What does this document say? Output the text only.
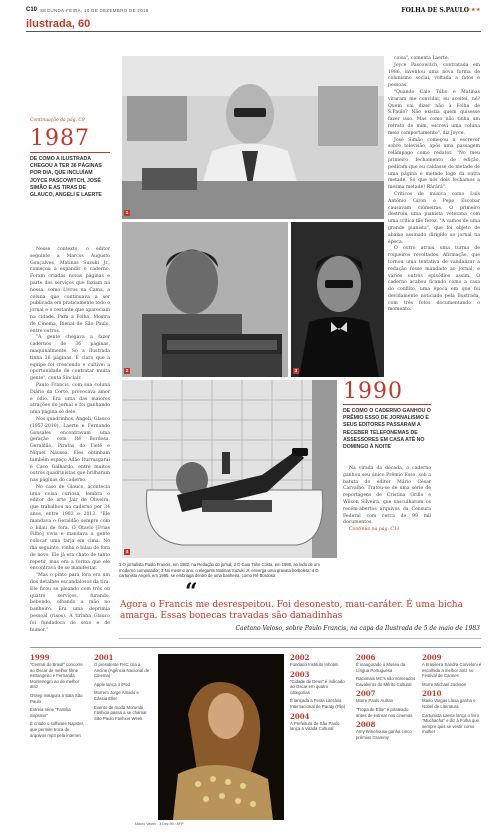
C10 SEGUNDA-FEIRA, 10 DE DEZEMBRO DE 2018	FOLHA DE S.PAULO
★★★
ilustrada, 60
Continuação da pág. C9
1987
DE COMO A ILUSTRADA CHEGOU A TER 36 PÁGINAS POR DIA, QUE INCLUÍAM JOYCE PASCOWITCH, JOSÉ SIMÃO E AS TIRAS DE GLAUCO, ANGELI E LAERTE

Nesse contexto, o editor seguinte a Marcos Augusto Gonçalves, Matinas Suzuki Jr., começou a expandir o caderno. Foram criadas novas páginas e parte dos serviços que faziam na nossa, como Livros na Cama, a coluna que continuava a ser publicada em praticamente todo o jornal e o restante que apareciam na cidade. Para a Folha, Mostra de Cinema, Bienal de São Paulo, entre outros.

"A gente chegava a fazer cadernos de 36 páginas, maquinalmente. Só a Ilustrada tinha 36 páginas. É claro que a equipe foi crescendo e cultivei a oportunidade de contratar muita gente", conta Sinclair.

Paulo Francis, com sua coluna Diário da Corte, provocava amor e ódio. Era uma das maiores atrações do jornal e foi ganhando uma página só dele.

Nos quadrinhos, Angeli, Glauco (1957-2010), Laerte e Fernando Gonsales encontravam uma geração com Rê Bordosa, Geraldão, Piratas do Tietê e Níquel Náusea. Eles obtinham também espaço Adão Iturrusgarai e Caco Galhardo, entre muitos outros quadrinistas que brilharam nas páginas do caderno.

No caso de Glauco, acontecia uma coisa curiosa, lembra o editor de arte Jair de Oliveira, que trabalhou no caderno por 34 anos, entre 1983 e 2013. "Ele mandava o Geraldão sempre com o bilau de fora. O Otavio [Frias Filho] vivia e mandava a gente colocar uma tarja em cima. No dia seguinte, vinha o bilau de fora de novo. Ele já era chato de tanto repetir, mas era a forma que ele encontrava de se manifestar.

"Mas o pinto para fora era um dos detalhes escandalosos da tira. Ele ficou se pleando com três ou quatro serviços, furando, bebendo, olhando a mão no banheiro. Era uma deprimia pessoal (risos). A tirinha Glauco foi fundadora de sexo e de humor."

1
2	3
4

coisa", comenta Laerte.

Joyce Pascowitch, contratada em 1986, inventou uma nova forma de colunismo social, voltada a fatos e pessoas.

"Quando Caio Túlio e Matinas viraram me convidar, eu aceitei, né? Quem vai dizer não à Folha de S.Paulo? Não existia quem quisesse fazer isso. Mas como não tinha um retrato de mim, escrevi uma coluna meio comportamento", diz Joyce.

José Simão começou a escrever sobre televisão, após uma passagem relâmpago como redator. "No meu primeiro fechamento de edição, pediram que eu caldasse de metade de uma página e metade logo da outra metade. Só que nós dois fechamos a mesma metade! Rárárá".

Críticos de música como Luís Antônio Giron e Pepe Escobar causavam ciúmeiras. O primeiro destruiu uma pianista veterana com uma crítica tão feroz. "A vamos de uma grande pianista", que foi objeto de abaixo assinado dirigido ao jornal na época.

O outro atraiu uma turma de roqueiros revoltados. Afirmação, que tornou uma tentativa de vandalizar a redação fosse mandado ao jornal, e vários outros episódios assim. O caderno acabou ficando como a casa do conflito, uma época em que foi devidamente noticiado pela Ilustrada, com três fotos documentando o momento.

1990
DE COMO O CADERNO GANHOU O PRÊMIO ESSO DE JORNALISMO E SEUS EDITORES PASSARAM A RECEBER TELEFONEMAS DE ASSESSORES EM CASA ATÉ NO DOMINGO À NOITE

Na virada da década, o caderno ganhou seu único Prêmio Esso, sob a batuta do editor Mário César Carvalho. Tratou-se de uma série de reportagens de Cristina Grillo e Wilson Silveira, que vasculharam os recém-abertos arquivos da Censura Federal com cerca de 99 mil documentos.

Continua na pág. C11

1 O jornalista Paulo Francis, em 1982, na Redação do jornal; 2 O Caio Túlio Costa, em 1986, ao lado de um moderno computador; 3 No mesmo ano, o elegante Matinas Suzuki Jr. enverga uma gravata borboleta; 4 O cartunista Angeli, em 1985, se embriaga dentro de uma banheira, como Rê Bordosa
“
Agora o Francis me desrespeitou. Foi desonesto, mau-caráter. É uma bicha amarga. Essas bonecas travadas são danadinhas
Caetano Veloso, sobre Paulo Francis, na capa da Ilustrada de 5 de maio de 1983
1999

"Central do Brasil" concorre ao Oscar de melhor filme estrangeiro e Fernanda Montenegro ao de melhor atriz

Ossep inaugura a Sala São Paulo

Estreia série "Família Soprano"

É criado o software Napster, que permite troca de arquivos mp3 pela internet

2001

O presidente FHC cria a Ancine (Agência Nacional de Cinema)

Apple lança o iPod

Morrem Jorge Amado e Cássia Eller

Evento de moda Morumbi Fashion passa a se chamar São Paulo Fashion Week

Mauro Vavrin - 3.Dez.99 / AFP
2002

Fundado Instituto Inhotim

2003

"Cidade de Deus" é indicado ao Oscar em quatro categorias

É lançada a Festa Literária Internacional de Paraty (Flip)

2004

A Prefeitura de São Paulo lança a Virada Cultural

2006

É inaugurado o Museu da Língua Portuguesa

Racionais MC's são nomeados Cavaleiros do Mérito Cultural

2007

Morre Paulo Autran

"Tropa de Elite" é pirateado antes de estrear nos cinemas

2008

Amy Winehouse ganha cinco prêmios Grammy

2009

A brasileira Sandra Corveloni é escolhida a melhor atriz no Festival de Cannes

Morre Michael Jackson

2010

Mario Vargas Llosa ganha o Nobel de Literatura

Cartunista Laerte lança o livro "Muchacha" e diz à Folha que sempre quis se vestir como mulher
